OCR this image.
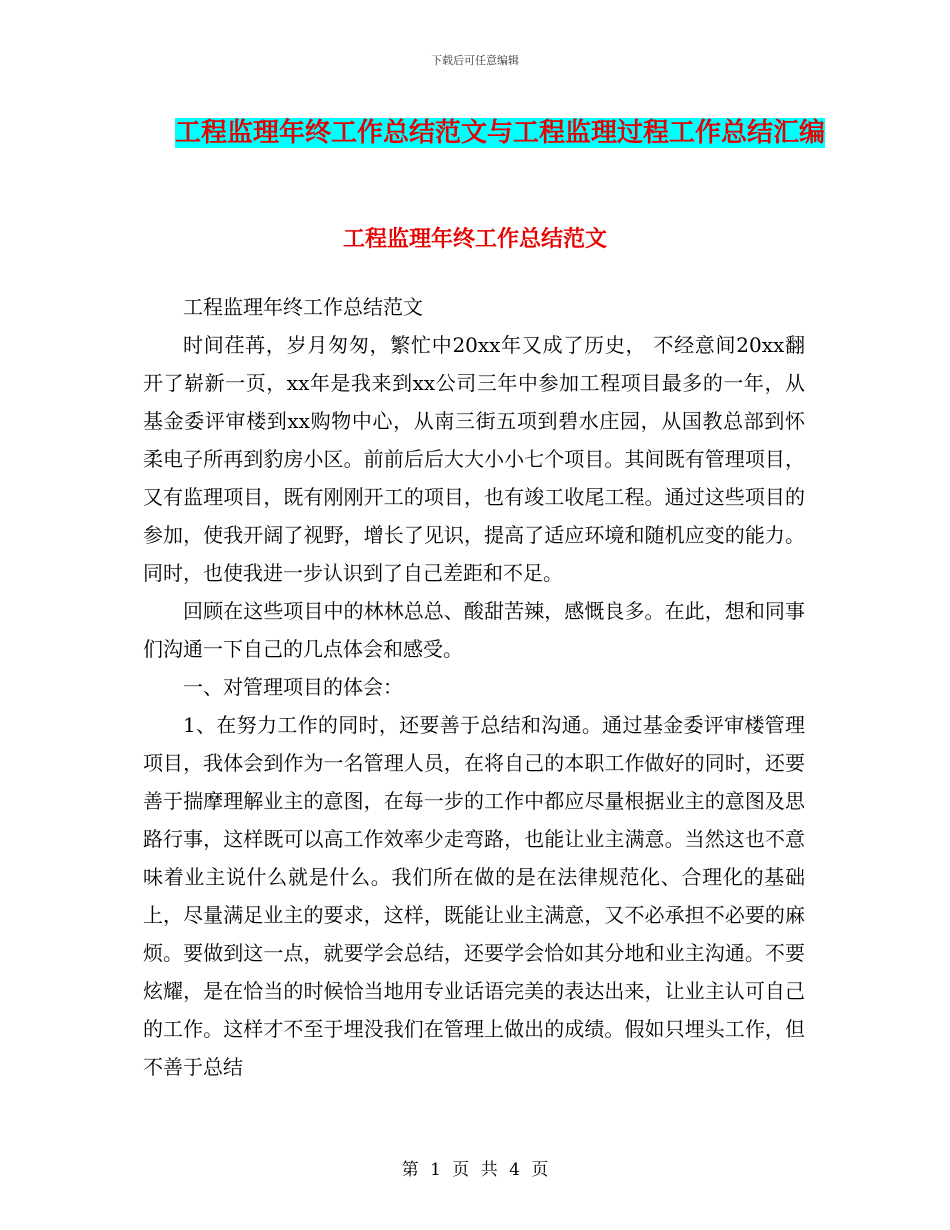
下载后可任意编辑
工程监理年终工作总结范文与工程监理过程工作总结汇编
工程监理年终工作总结范文

工程监理年终工作总结范文

时间荏苒，岁月匆匆，繁忙中20xx年又成了历史， 不经意间20xx翻开了崭新一页，xx年是我来到xx公司三年中参加工程项目最多的一年，从基金委评审楼到xx购物中心，从南三街五项到碧水庄园，从国教总部到怀柔电子所再到豹房小区。前前后后大大小小七个项目。其间既有管理项目，又有监理项目，既有刚刚开工的项目，也有竣工收尾工程。通过这些项目的参加，使我开阔了视野，增长了见识，提高了适应环境和随机应变的能力。同时，也使我进一步认识到了自己差距和不足。

回顾在这些项目中的林林总总、酸甜苦辣，感慨良多。在此，想和同事们沟通一下自己的几点体会和感受。

一、对管理项目的体会：

1、在努力工作的同时，还要善于总结和沟通。通过基金委评审楼管理项目，我体会到作为一名管理人员，在将自己的本职工作做好的同时，还要善于揣摩理解业主的意图，在每一步的工作中都应尽量根据业主的意图及思路行事，这样既可以高工作效率少走弯路，也能让业主满意。当然这也不意味着业主说什么就是什么。我们所在做的是在法律规范化、合理化的基础上，尽量满足业主的要求，这样，既能让业主满意，又不必承担不必要的麻烦。要做到这一点，就要学会总结，还要学会恰如其分地和业主沟通。不要炫耀，是在恰当的时候恰当地用专业话语完美的表达出来，让业主认可自己的工作。这样才不至于埋没我们在管理上做出的成绩。假如只埋头工作，但不善于总结

第 1 页 共 4 页
